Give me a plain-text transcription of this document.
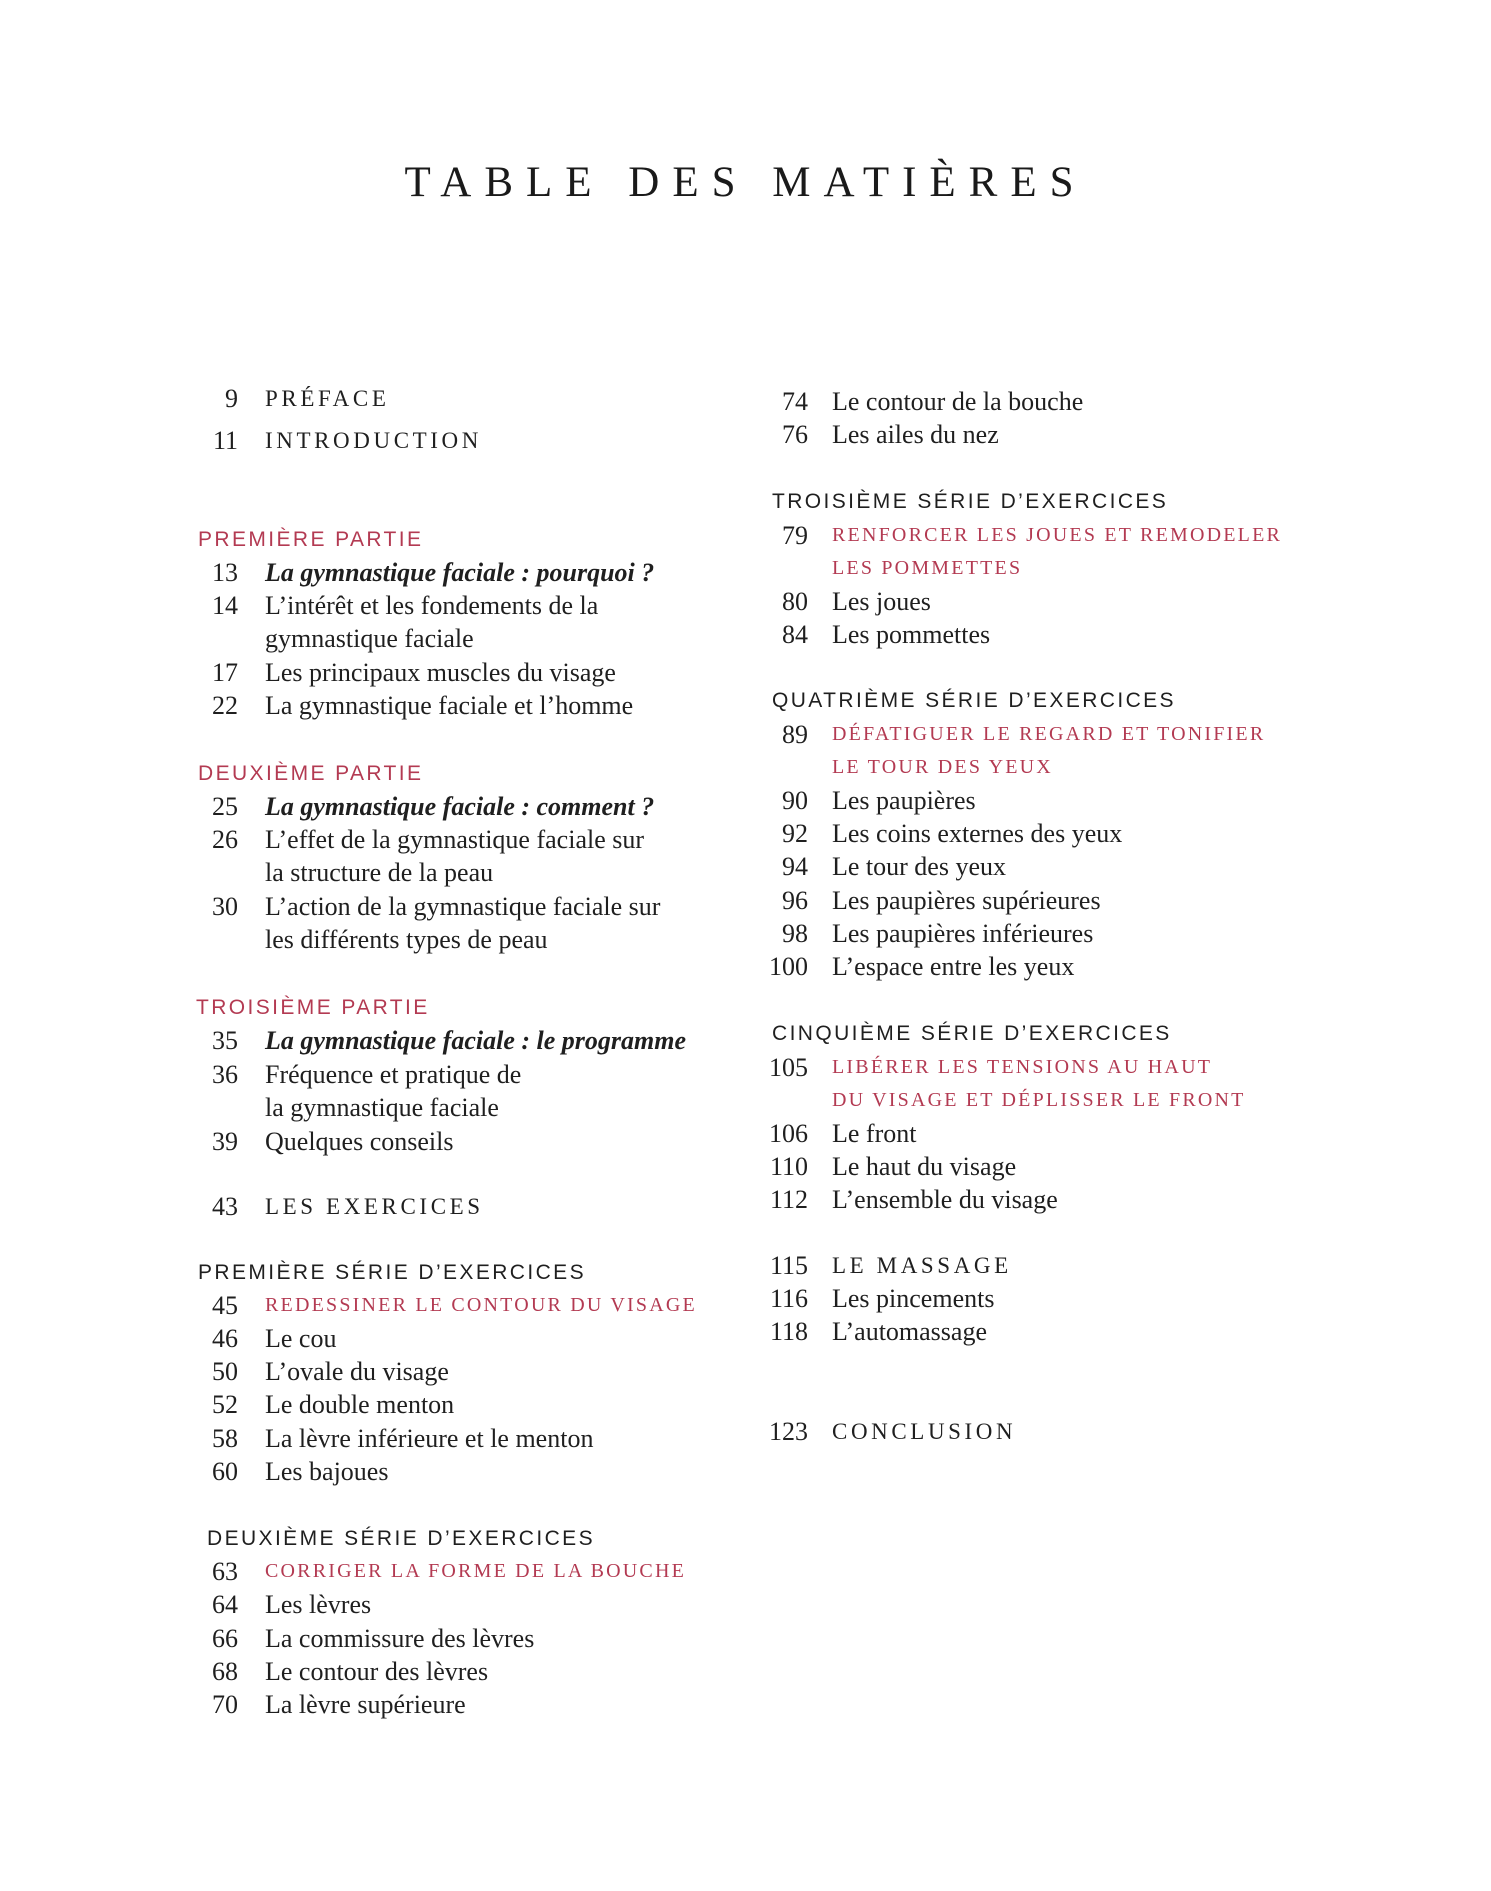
TABLE DES MATIÈRES
9 PRÉFACE
11 INTRODUCTION
PREMIÈRE PARTIE
13 La gymnastique faciale : pourquoi ?
14 L’intérêt et les fondements de la
gymnastique faciale
17 Les principaux muscles du visage
22 La gymnastique faciale et l’homme
DEUXIÈME PARTIE
25 La gymnastique faciale : comment ?
26 L’effet de la gymnastique faciale sur
la structure de la peau
30 L’action de la gymnastique faciale sur
les différents types de peau
TROISIÈME PARTIE
35 La gymnastique faciale : le programme
36 Fréquence et pratique de
la gymnastique faciale
39 Quelques conseils
43 LES EXERCICES
PREMIÈRE SÉRIE D’EXERCICES
45 REDESSINER LE CONTOUR DU VISAGE
46 Le cou
50 L’ovale du visage
52 Le double menton
58 La lèvre inférieure et le menton
60 Les bajoues
DEUXIÈME SÉRIE D’EXERCICES
63 CORRIGER LA FORME DE LA BOUCHE
64 Les lèvres
66 La commissure des lèvres
68 Le contour des lèvres
70 La lèvre supérieure
74 Le contour de la bouche
76 Les ailes du nez
TROISIÈME SÉRIE D’EXERCICES
79 RENFORCER LES JOUES ET REMODELER
LES POMMETTES
80 Les joues
84 Les pommettes
QUATRIÈME SÉRIE D’EXERCICES
89 DÉFATIGUER LE REGARD ET TONIFIER
LE TOUR DES YEUX
90 Les paupières
92 Les coins externes des yeux
94 Le tour des yeux
96 Les paupières supérieures
98 Les paupières inférieures
100 L’espace entre les yeux
CINQUIÈME SÉRIE D’EXERCICES
105 LIBÉRER LES TENSIONS AU HAUT
DU VISAGE ET DÉPLISSER LE FRONT
106 Le front
110 Le haut du visage
112 L’ensemble du visage
115 LE MASSAGE
116 Les pincements
118 L’automassage
123 CONCLUSION
